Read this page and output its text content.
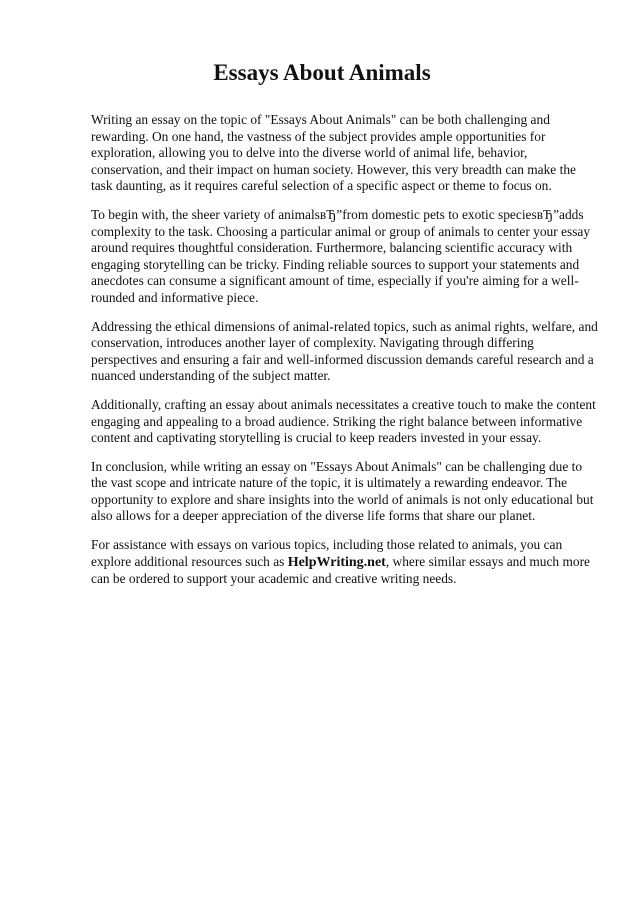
Essays About Animals

Writing an essay on the topic of "Essays About Animals" can be both challenging and rewarding. On one hand, the vastness of the subject provides ample opportunities for exploration, allowing you to delve into the diverse world of animal life, behavior, conservation, and their impact on human society. However, this very breadth can make the task daunting, as it requires careful selection of a specific aspect or theme to focus on.

To begin with, the sheer variety of animalsвЂ”from domestic pets to exotic speciesвЂ”adds complexity to the task. Choosing a particular animal or group of animals to center your essay around requires thoughtful consideration. Furthermore, balancing scientific accuracy with engaging storytelling can be tricky. Finding reliable sources to support your statements and anecdotes can consume a significant amount of time, especially if you're aiming for a well-rounded and informative piece.

Addressing the ethical dimensions of animal-related topics, such as animal rights, welfare, and conservation, introduces another layer of complexity. Navigating through differing perspectives and ensuring a fair and well-informed discussion demands careful research and a nuanced understanding of the subject matter.

Additionally, crafting an essay about animals necessitates a creative touch to make the content engaging and appealing to a broad audience. Striking the right balance between informative content and captivating storytelling is crucial to keep readers invested in your essay.

In conclusion, while writing an essay on "Essays About Animals" can be challenging due to the vast scope and intricate nature of the topic, it is ultimately a rewarding endeavor. The opportunity to explore and share insights into the world of animals is not only educational but also allows for a deeper appreciation of the diverse life forms that share our planet.

For assistance with essays on various topics, including those related to animals, you can explore additional resources such as HelpWriting.net, where similar essays and much more can be ordered to support your academic and creative writing needs.
